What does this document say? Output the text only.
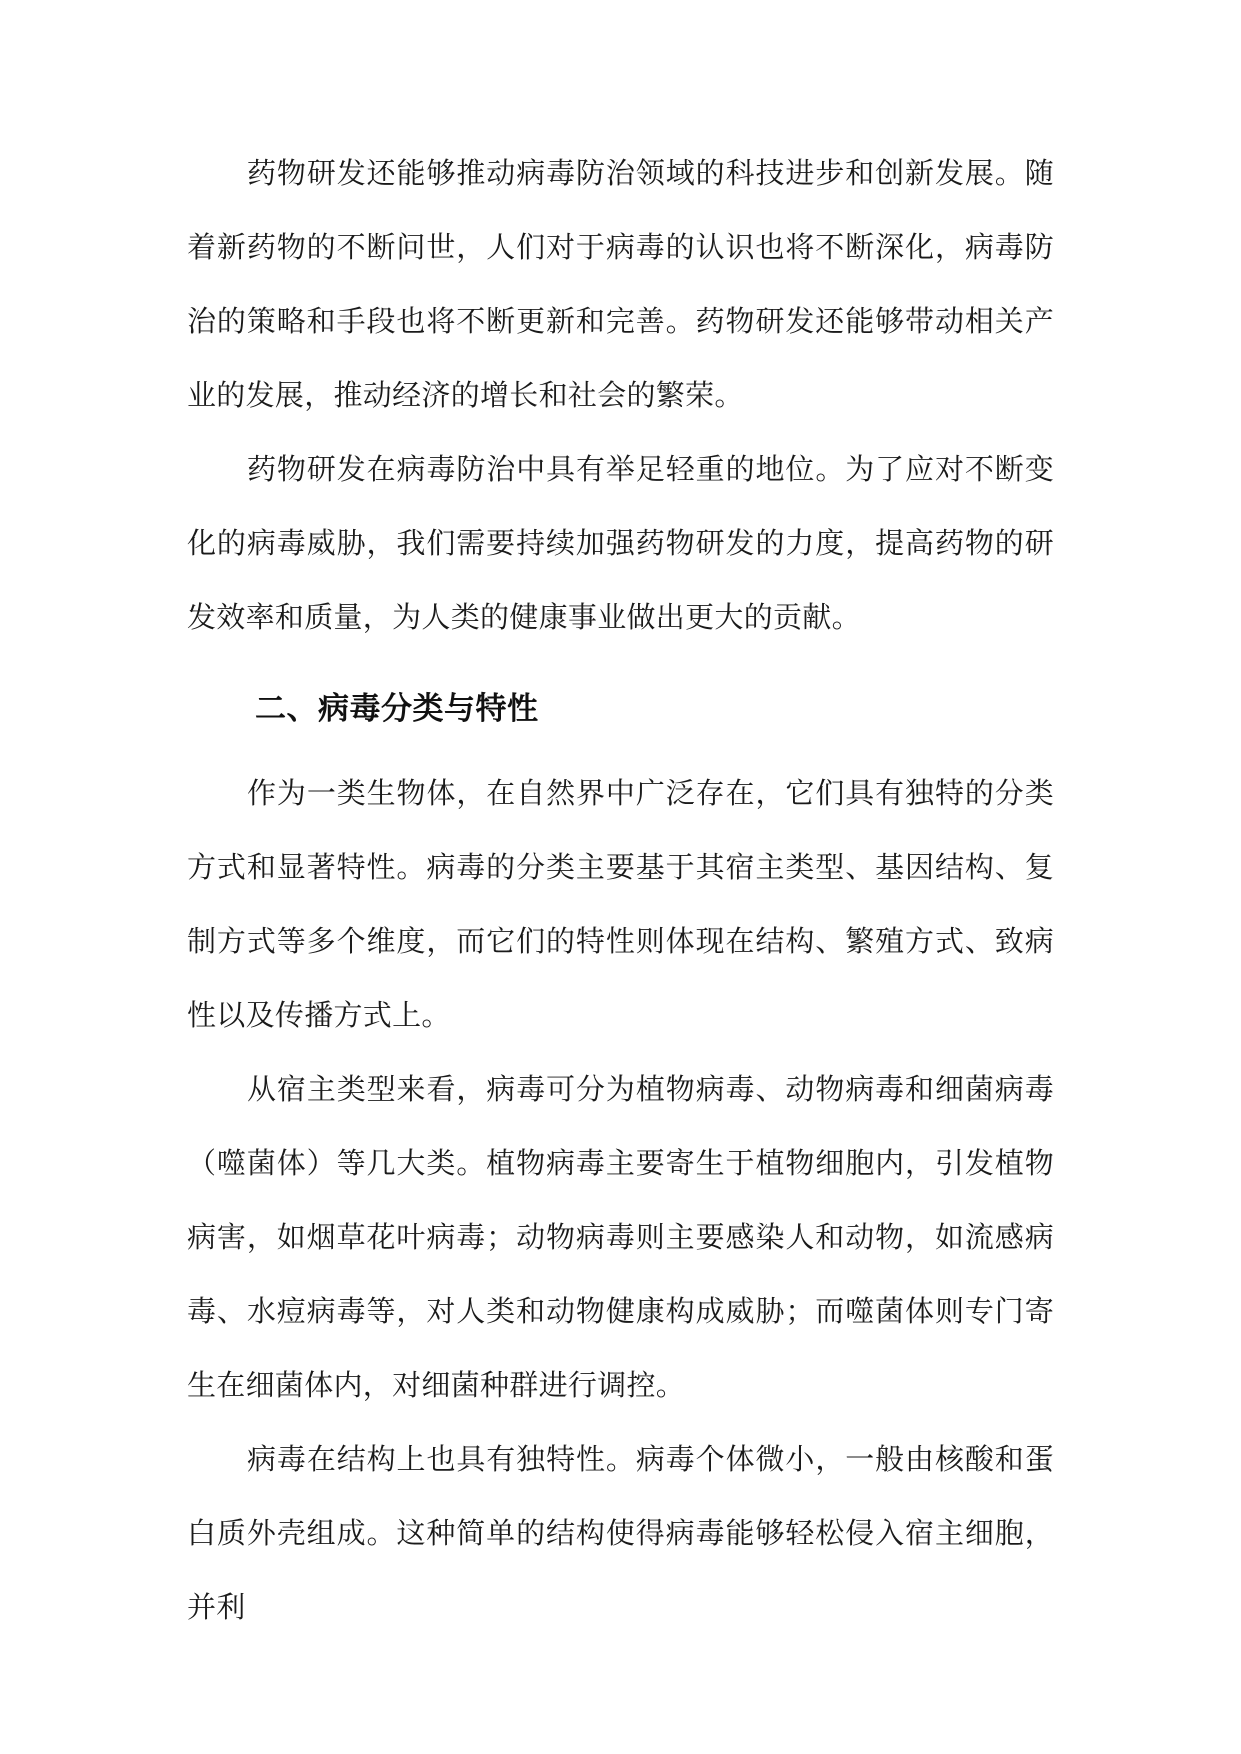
药物研发还能够推动病毒防治领域的科技进步和创新发展。随着新药物的不断问世，人们对于病毒的认识也将不断深化，病毒防治的策略和手段也将不断更新和完善。药物研发还能够带动相关产业的发展，推动经济的增长和社会的繁荣。

药物研发在病毒防治中具有举足轻重的地位。为了应对不断变化的病毒威胁，我们需要持续加强药物研发的力度，提高药物的研发效率和质量，为人类的健康事业做出更大的贡献。

二、病毒分类与特性

作为一类生物体，在自然界中广泛存在，它们具有独特的分类方式和显著特性。病毒的分类主要基于其宿主类型、基因结构、复制方式等多个维度，而它们的特性则体现在结构、繁殖方式、致病性以及传播方式上。

从宿主类型来看，病毒可分为植物病毒、动物病毒和细菌病毒（噬菌体）等几大类。植物病毒主要寄生于植物细胞内，引发植物病害，如烟草花叶病毒；动物病毒则主要感染人和动物，如流感病毒、水痘病毒等，对人类和动物健康构成威胁；而噬菌体则专门寄生在细菌体内，对细菌种群进行调控。

病毒在结构上也具有独特性。病毒个体微小，一般由核酸和蛋白质外壳组成。这种简单的结构使得病毒能够轻松侵入宿主细胞，并利
